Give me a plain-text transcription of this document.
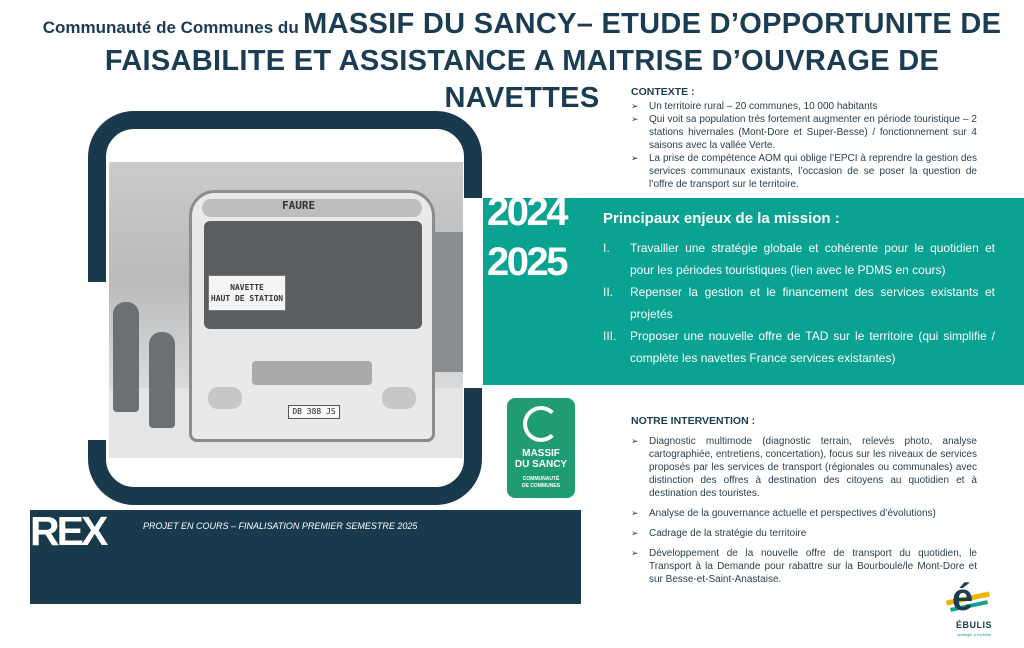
Communauté de Communes du MASSIF DU SANCY– ETUDE D’OPPORTUNITE DE
FAISABILITE ET ASSISTANCE A MAITRISE D’OUVRAGE DE NAVETTES
FAURE
NAVETTE
HAUT DE STATION
DB 388 JS
CONTEXTE :
➢ Un territoire rural – 20 communes, 10 000 habitants
➢ Qui voit sa population très fortement augmenter en période touristique – 2 stations hivernales (Mont-Dore et Super-Besse) / fonctionnement sur 4 saisons avec la vallée Verte.
➢ La prise de compétence AOM qui oblige l’EPCI à reprendre la gestion des services communaux existants, l’occasion de se poser la question de l’offre de transport sur le territoire.
2024
2025
Principaux enjeux de la mission :
I. Travailler une stratégie globale et cohérente pour le quotidien et pour les périodes touristiques (lien avec le PDMS en cours)
II. Repenser la gestion et le financement des services existants et projetés
III. Proposer une nouvelle offre de TAD sur le territoire (qui simplifie / complète les navettes France services existantes)
MASSIF
DU SANCY
COMMUNAUTÉ
DE COMMUNES
NOTRE INTERVENTION :
➢ Diagnostic multimode (diagnostic terrain, relevés photo, analyse cartographiée, entretiens, concertation), focus sur les niveaux de services proposés par les services de transport (régionales ou communales) avec distinction des offres à destination des citoyens au quotidien et à destination des touristes.
➢ Analyse de la gouvernance actuelle et perspectives d’évolutions)
➢ Cadrage de la stratégie du territoire
➢ Développement de la nouvelle offre de transport du quotidien, le Transport à la Demande pour rabattre sur la Bourboule/le Mont-Dore et sur Besse-et-Saint-Anastaise.
REX	PROJET EN COURS – FINALISATION PREMIER SEMESTRE 2025
é
ÉBULIS
stratégie & mobilité
